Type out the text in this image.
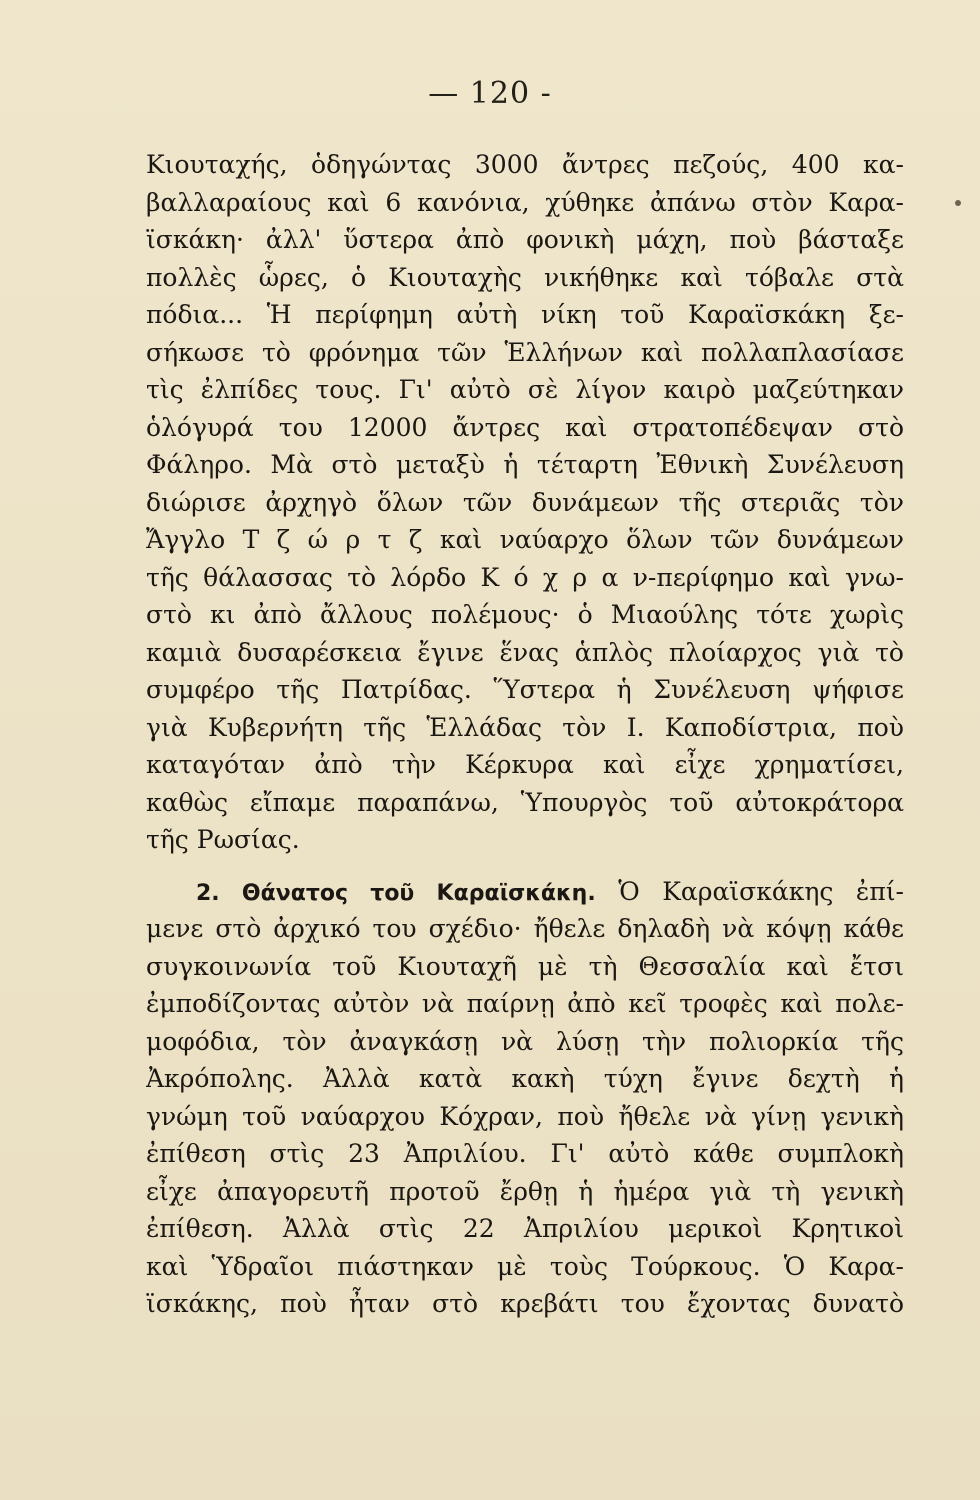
— 120 -
Κιουταχής, ὁδηγώντας 3000 ἄντρες πεζούς, 400 κα-
βαλλαραίους καὶ 6 κανόνια, χύθηκε ἀπάνω στὸν Καρα-
ϊσκάκη· ἀλλ' ὕστερα ἀπὸ φονικὴ μάχη, ποὺ βάσταξε
πολλὲς ὧρες, ὁ Κιουταχὴς νικήθηκε καὶ τόβαλε στὰ
πόδια... Ἡ περίφημη αὐτὴ νίκη τοῦ Καραϊσκάκη ξε-
σήκωσε τὸ φρόνημα τῶν Ἑλλήνων καὶ πολλαπλασίασε
τὶς ἐλπίδες τους. Γι' αὐτὸ σὲ λίγον καιρὸ μαζεύτηκαν
ὁλόγυρά του 12000 ἄντρες καὶ στρατοπέδεψαν στὸ
Φάληρο. Μὰ στὸ μεταξὺ ἡ τέταρτη Ἐθνικὴ Συνέλευση
διώρισε ἀρχηγὸ ὅλων τῶν δυνάμεων τῆς στεριᾶς τὸν
Ἄγγλο Τ ζ ώ ρ τ ζ καὶ ναύαρχο ὅλων τῶν δυνάμεων
τῆς θάλασσας τὸ λόρδο Κ ό χ ρ α ν-περίφημο καὶ γνω-
στὸ κι ἀπὸ ἄλλους πολέμους· ὁ Μιαούλης τότε χωρὶς
καμιὰ δυσαρέσκεια ἔγινε ἕνας ἁπλὸς πλοίαρχος γιὰ τὸ
συμφέρο τῆς Πατρίδας. Ὕστερα ἡ Συνέλευση ψήφισε
γιὰ Κυβερνήτη τῆς Ἑλλάδας τὸν Ι. Καποδίστρια, ποὺ
καταγόταν ἀπὸ τὴν Κέρκυρα καὶ εἶχε χρηματίσει,
καθὼς εἴπαμε παραπάνω, Ὑπουργὸς τοῦ αὐτοκράτορα
τῆς Ρωσίας.
2. Θάνατος τοῦ Καραϊσκάκη. Ὁ Καραϊσκάκης ἐπί-
μενε στὸ ἀρχικό του σχέδιο· ἤθελε δηλαδὴ νὰ κόψῃ κάθε
συγκοινωνία τοῦ Κιουταχῆ μὲ τὴ Θεσσαλία καὶ ἔτσι
ἐμποδίζοντας αὐτὸν νὰ παίρνῃ ἀπὸ κεῖ τροφὲς καὶ πολε-
μοφόδια, τὸν ἀναγκάσῃ νὰ λύσῃ τὴν πολιορκία τῆς
Ἀκρόπολης. Ἀλλὰ κατὰ κακὴ τύχη ἔγινε δεχτὴ ἡ
γνώμη τοῦ ναύαρχου Κόχραν, ποὺ ἤθελε νὰ γίνῃ γενικὴ
ἐπίθεση στὶς 23 Ἀπριλίου. Γι' αὐτὸ κάθε συμπλοκὴ
εἶχε ἀπαγορευτῆ προτοῦ ἔρθῃ ἡ ἡμέρα γιὰ τὴ γενικὴ
ἐπίθεση. Ἀλλὰ στὶς 22 Ἀπριλίου μερικοὶ Κρητικοὶ
καὶ Ὑδραῖοι πιάστηκαν μὲ τοὺς Τούρκους. Ὁ Καρα-
ϊσκάκης, ποὺ ἦταν στὸ κρεβάτι του ἔχοντας δυνατὸ
